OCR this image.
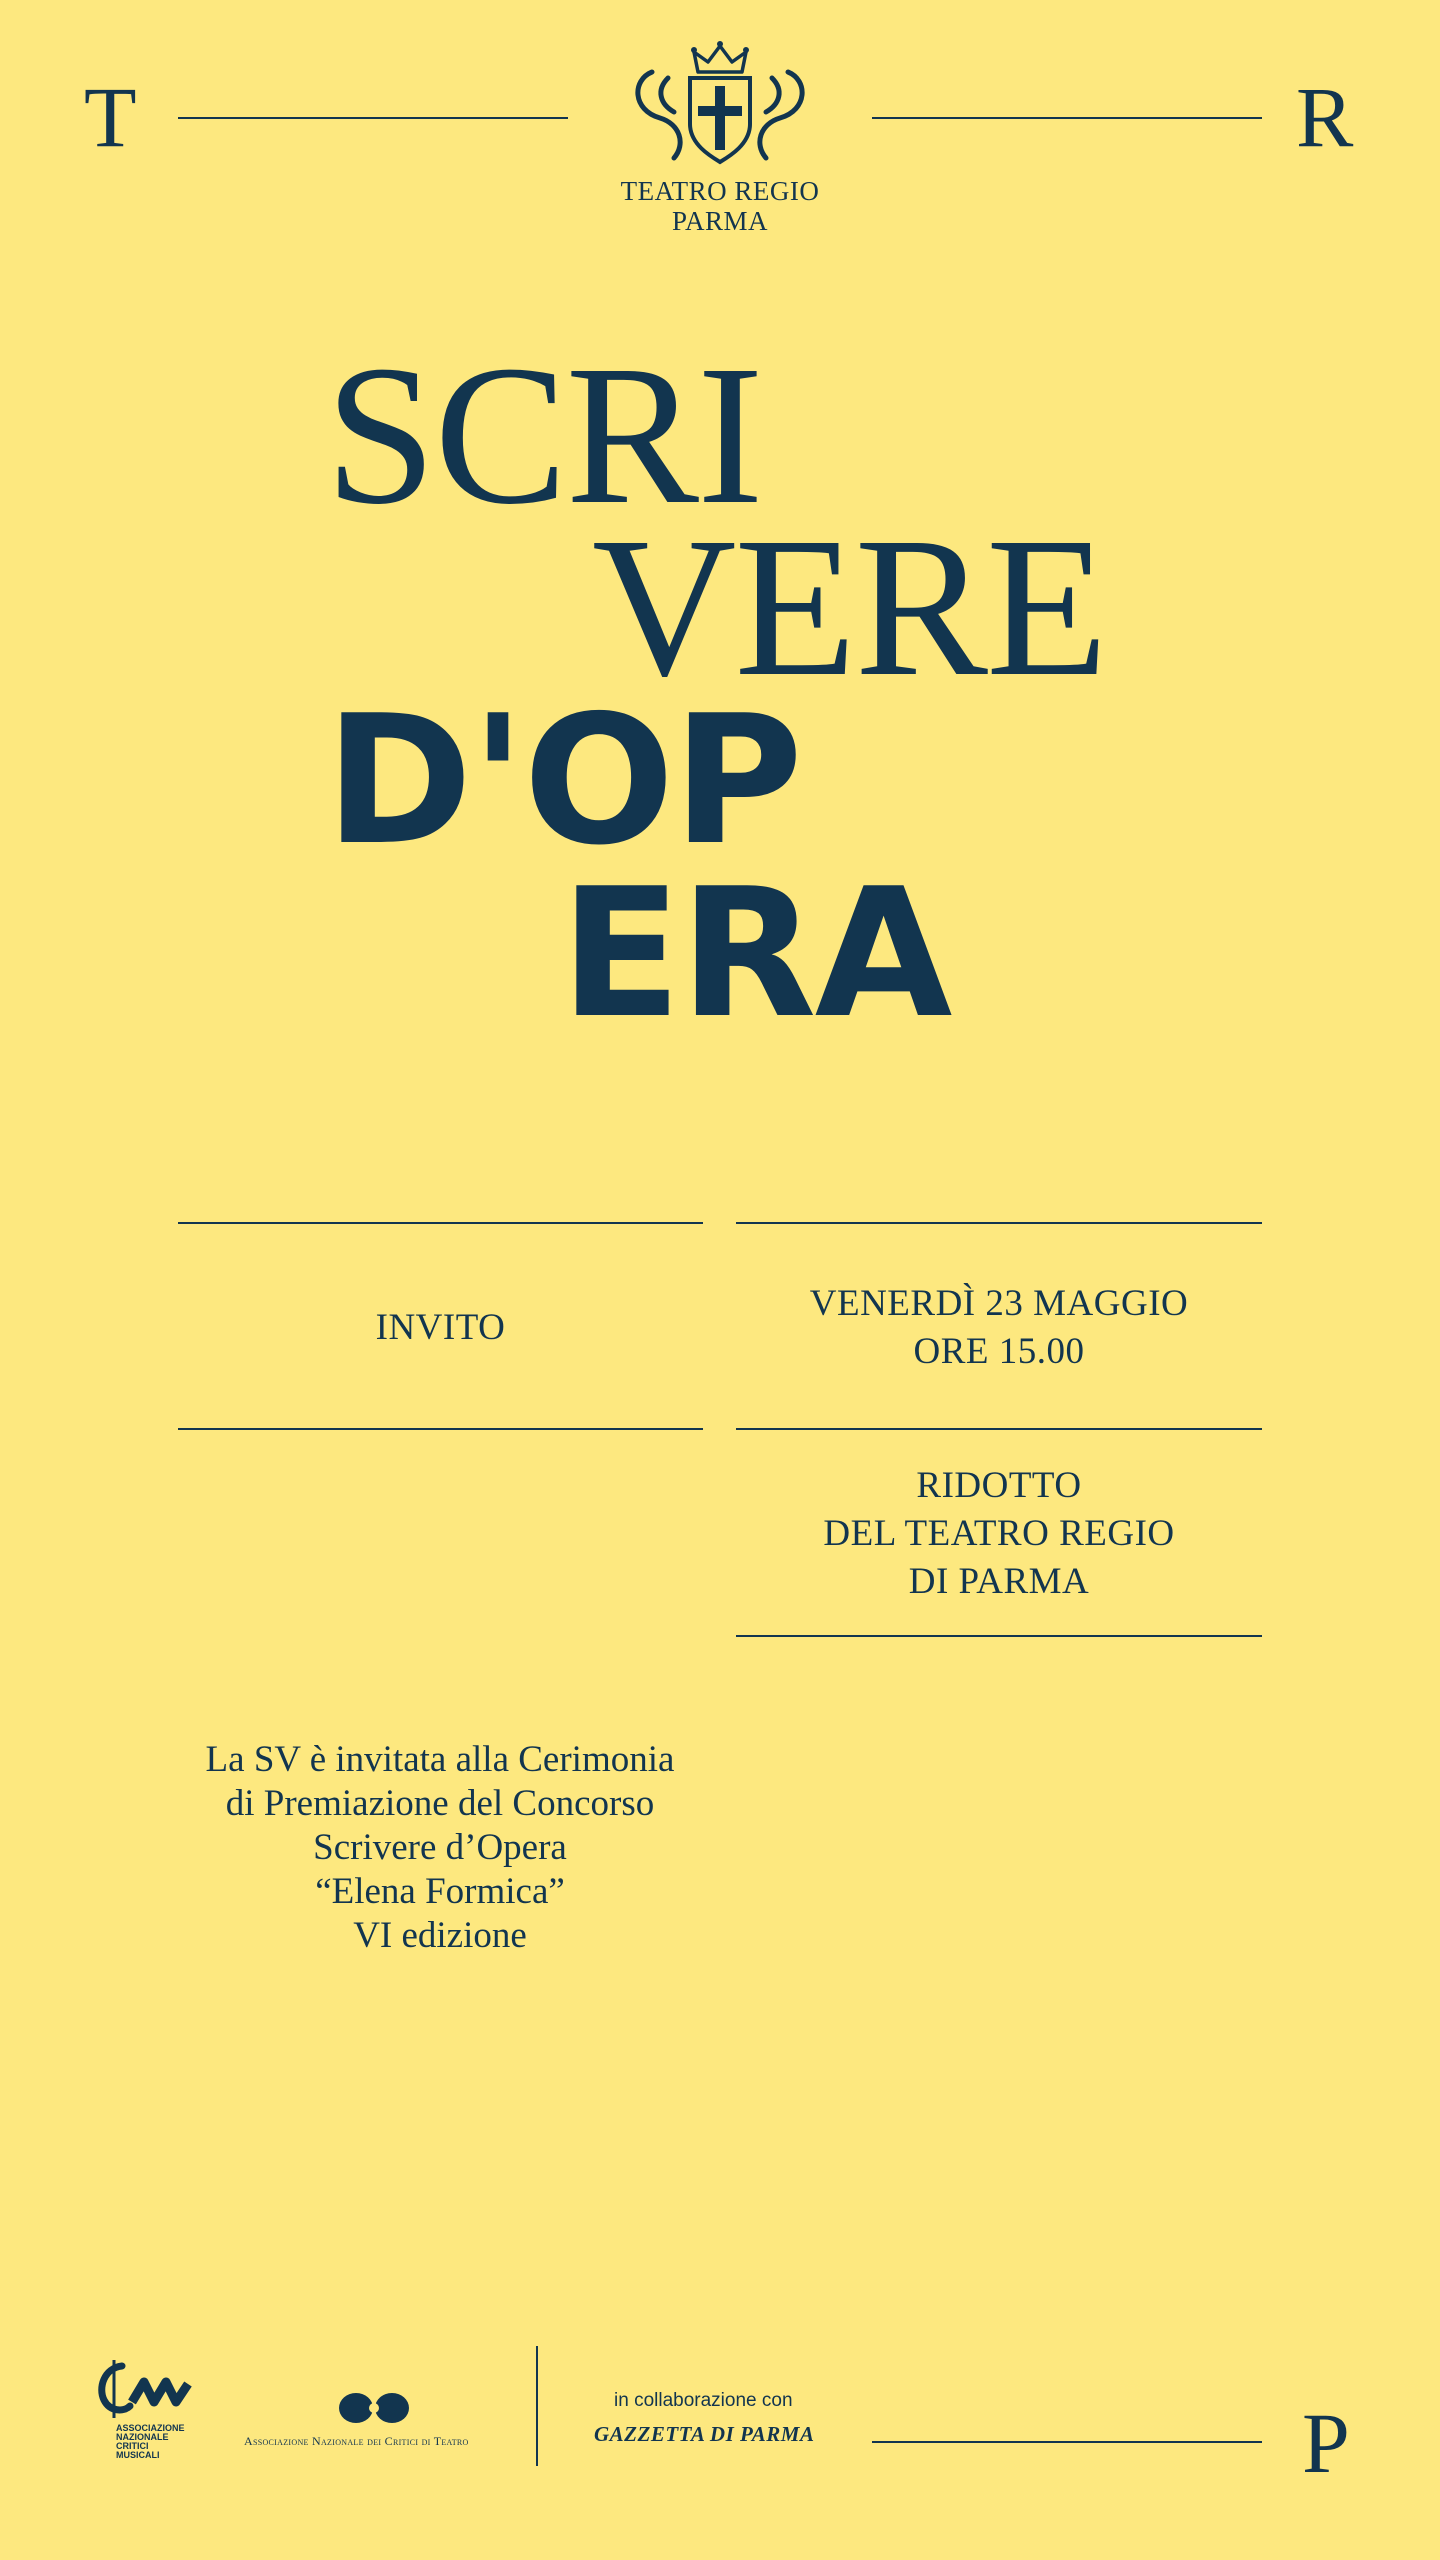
T
TEATRO REGIO
PARMA
R
SCRI
VERE
D'OP
ERA
INVITO
VENERDÌ 23 MAGGIO
ORE 15.00
RIDOTTO
DEL TEATRO REGIO
DI PARMA
La SV è invitata alla Cerimonia
di Premiazione del Concorso
Scrivere d’Opera
“Elena Formica”
VI edizione
ASSOCIAZIONE
NAZIONALE
CRITICI
MUSICALI
Associazione Nazionale dei Critici di Teatro
in collaborazione con
GAZZETTA DI PARMA	P
